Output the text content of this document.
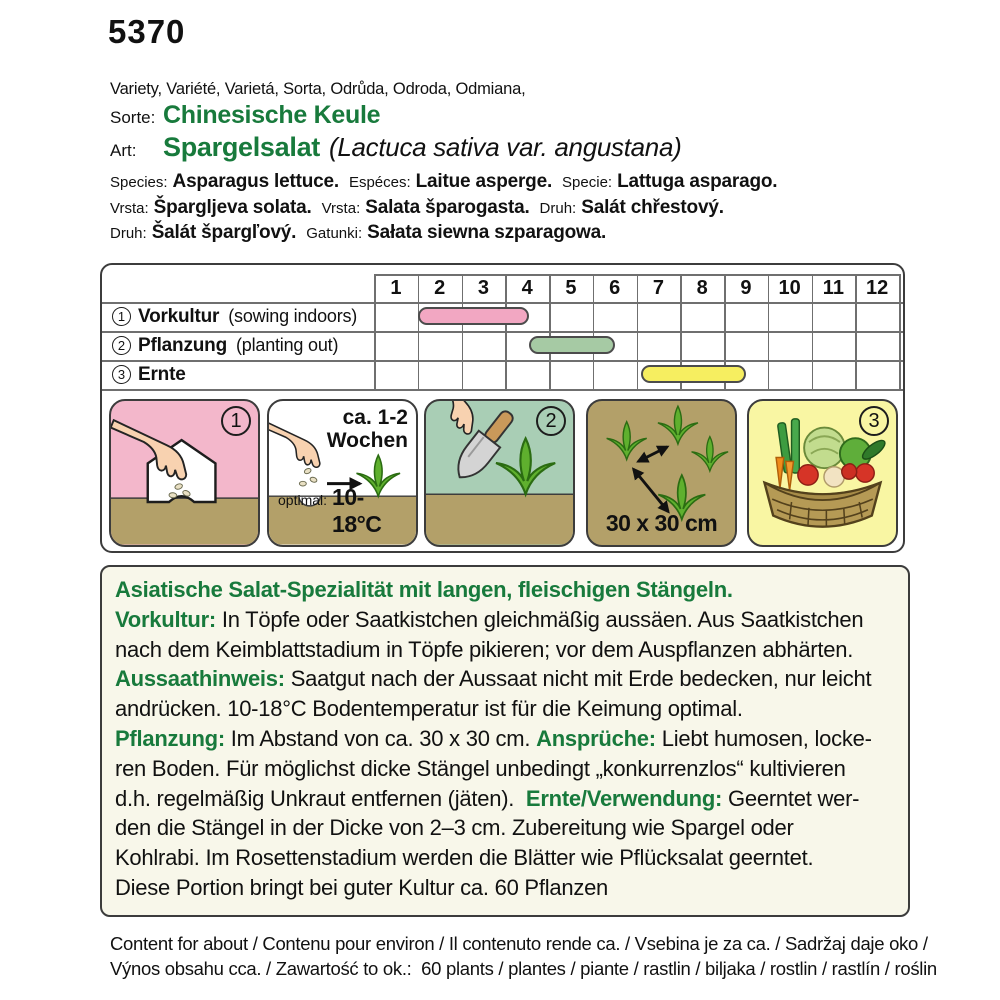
5370
Variety, Variété, Varietá, Sorta, Odrůda, Odroda, Odmiana,
Sorte: Chinesische Keule
Art: Spargelsalat (Lactuca sativa var. angustana)
Species: Asparagus lettuce. Espéces: Laitue asperge. Specie: Lattuga asparago.
Vrsta: Špargljeva solata. Vrsta: Salata šparogasta. Druh: Salát chřestový.
Druh: Šalát špargľový. Gatunki: Sałata siewna szparagowa.
1	ca. 1-2
Wochen
optimal: 10-18°C
2
30 x 30 cm
3
1	2	3	4	5	6	7	8	9	10	11	12
1 Vorkultur (sowing indoors)
2 Pflanzung (planting out)
3 Ernte
Asiatische Salat-Spezialität mit langen, fleischigen Stängeln.
Vorkultur: In Töpfe oder Saatkistchen gleichmäßig aussäen. Aus Saatkistchen
nach dem Keimblattstadium in Töpfe pikieren; vor dem Auspflanzen abhärten.
Aussaathinweis: Saatgut nach der Aussaat nicht mit Erde bedecken, nur leicht
andrücken. 10-18°C Bodentemperatur ist für die Keimung optimal.
Pflanzung: Im Abstand von ca. 30 x 30 cm. Ansprüche: Liebt humosen, locke-
ren Boden. Für möglichst dicke Stängel unbedingt „konkurrenzlos“ kultivieren
d.h. regelmäßig Unkraut entfernen (jäten).  Ernte/Verwendung: Geerntet wer-
den die Stängel in der Dicke von 2–3 cm. Zubereitung wie Spargel oder
Kohlrabi. Im Rosettenstadium werden die Blätter wie Pflücksalat geerntet.
Diese Portion bringt bei guter Kultur ca. 60 Pflanzen
Content for about / Contenu pour environ / Il contenuto rende ca. / Vsebina je za ca. / Sadržaj daje oko /
Výnos obsahu cca. / Zawartość to ok.:  60 plants / plantes / piante / rastlin / biljaka / rostlin / rastlín / roślin
